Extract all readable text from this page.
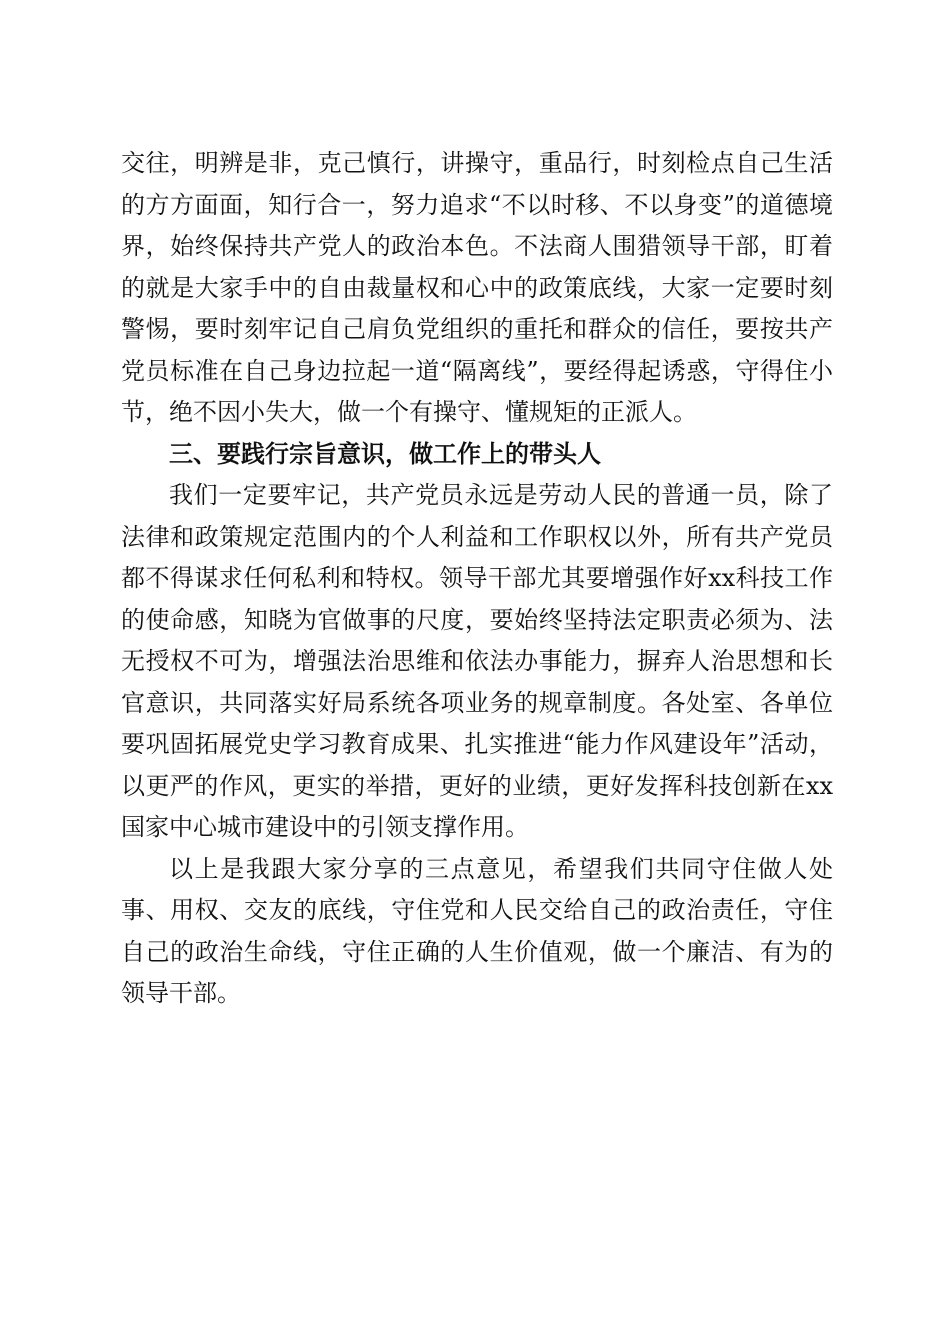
交往，明辨是非，克己慎行，讲操守，重品行，时刻检点自己生活的方方面面，知行合一，努力追求“不以时移、不以身变”的道德境界，始终保持共产党人的政治本色。不法商人围猎领导干部，盯着的就是大家手中的自由裁量权和心中的政策底线，大家一定要时刻警惕，要时刻牢记自己肩负党组织的重托和群众的信任，要按共产党员标准在自己身边拉起一道“隔离线”，要经得起诱惑，守得住小节，绝不因小失大，做一个有操守、懂规矩的正派人。

三、要践行宗旨意识，做工作上的带头人

我们一定要牢记，共产党员永远是劳动人民的普通一员，除了法律和政策规定范围内的个人利益和工作职权以外，所有共产党员都不得谋求任何私利和特权。领导干部尤其要增强作好xx科技工作的使命感，知晓为官做事的尺度，要始终坚持法定职责必须为、法无授权不可为，增强法治思维和依法办事能力，摒弃人治思想和长官意识，共同落实好局系统各项业务的规章制度。各处室、各单位要巩固拓展党史学习教育成果、扎实推进“能力作风建设年”活动，以更严的作风，更实的举措，更好的业绩，更好发挥科技创新在xx国家中心城市建设中的引领支撑作用。

以上是我跟大家分享的三点意见，希望我们共同守住做人处事、用权、交友的底线，守住党和人民交给自己的政治责任，守住自己的政治生命线，守住正确的人生价值观，做一个廉洁、有为的领导干部。
